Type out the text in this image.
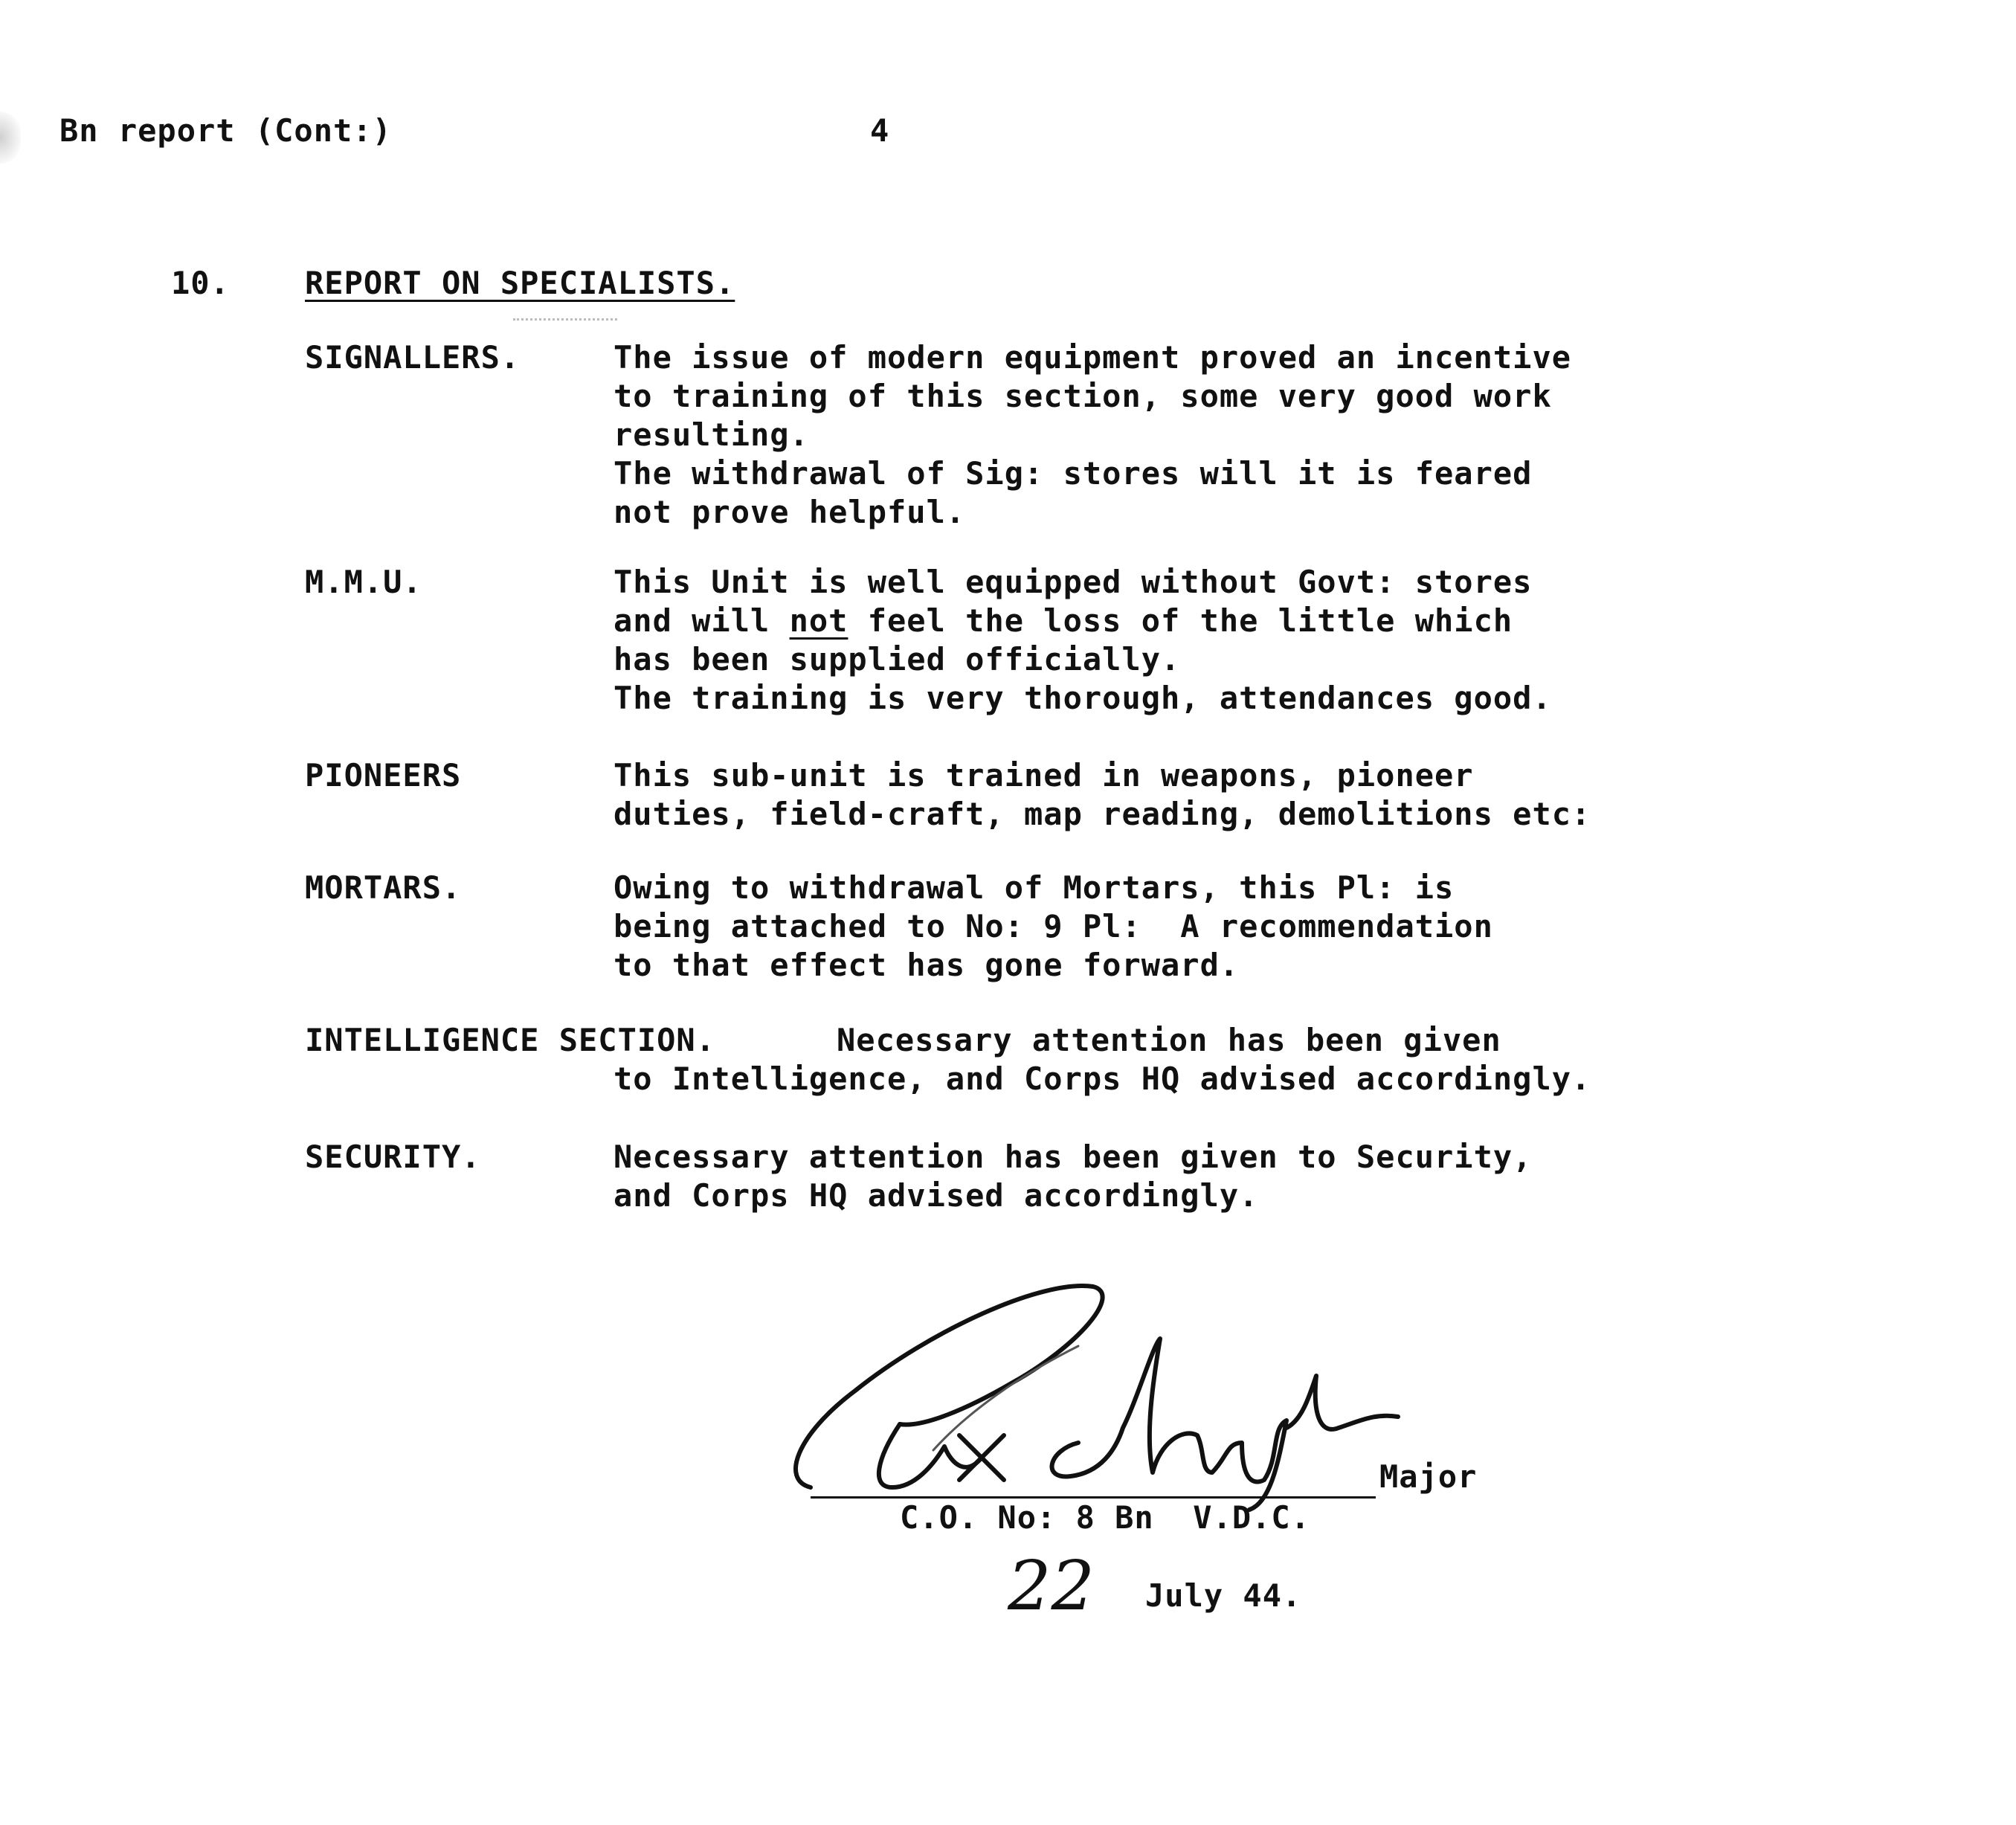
Bn report (Cont:)	4
10. REPORT ON SPECIALISTS.
SIGNALLERS.	The issue of modern equipment proved an incentive
to training of this section, some very good work
resulting.
The withdrawal of Sig: stores will it is feared
not prove helpful.
M.M.U.	This Unit is well equipped without Govt: stores
and will not feel the loss of the little which
has been supplied officially.
The training is very thorough, attendances good.
PIONEERS	This sub-unit is trained in weapons, pioneer
duties, field-craft, map reading, demolitions etc:
MORTARS.	Owing to withdrawal of Mortars, this Pl: is
being attached to No: 9 Pl:  A recommendation
to that effect has gone forward.
INTELLIGENCE SECTION.	Necessary attention has been given
to Intelligence, and Corps HQ advised accordingly.
SECURITY.	Necessary attention has been given to Security,
and Corps HQ advised accordingly.
Major
C.O. No: 8 Bn  V.D.C.
22 July 44.
